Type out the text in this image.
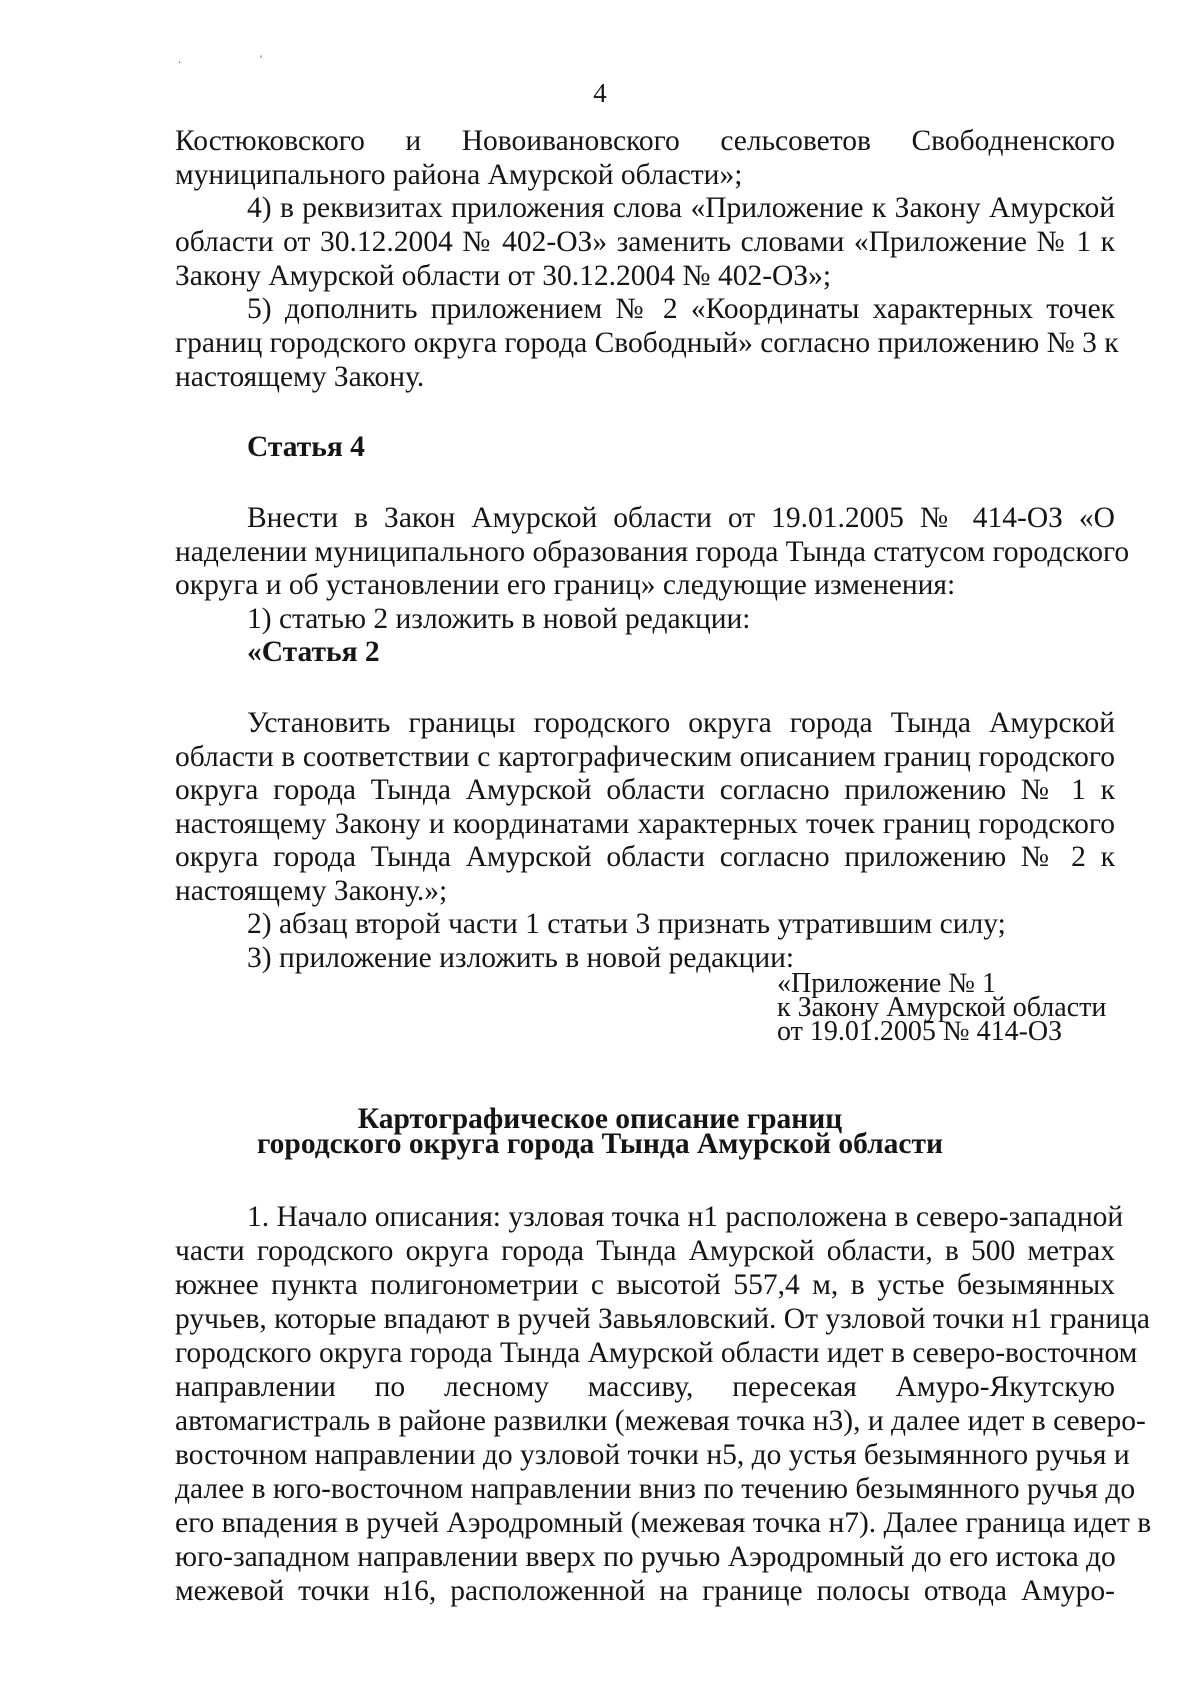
. '
4
Костюковского и Новоивановского сельсоветов Свободненского
муниципального района Амурской области»;
4) в реквизитах приложения слова «Приложение к Закону Амурской
области от 30.12.2004 № 402-ОЗ» заменить словами «Приложение № 1 к
Закону Амурской области от 30.12.2004 № 402-ОЗ»;
5) дополнить приложением № 2 «Координаты характерных точек
границ городского округа города Свободный» согласно приложению № 3 к
настоящему Закону.
Статья 4
Внести в Закон Амурской области от 19.01.2005 № 414-ОЗ «О
наделении муниципального образования города Тында статусом городского
округа и об установлении его границ» следующие изменения:
1) статью 2 изложить в новой редакции:
«Статья 2
Установить границы городского округа города Тында Амурской
области в соответствии с картографическим описанием границ городского
округа города Тында Амурской области согласно приложению № 1 к
настоящему Закону и координатами характерных точек границ городского
округа города Тында Амурской области согласно приложению № 2 к
настоящему Закону.»;
2) абзац второй части 1 статьи 3 признать утратившим силу;
3) приложение изложить в новой редакции:
«Приложение № 1
к Закону Амурской области
от 19.01.2005 № 414-ОЗ
Картографическое описание границ
городского округа города Тында Амурской области
1. Начало описания: узловая точка н1 расположена в северо-западной
части городского округа города Тында Амурской области, в 500 метрах
южнее пункта полигонометрии с высотой 557,4 м, в устье безымянных
ручьев, которые впадают в ручей Завьяловский. От узловой точки н1 граница
городского округа города Тында Амурской области идет в северо-восточном
направлении по лесному массиву, пересекая Амуро-Якутскую
автомагистраль в районе развилки (межевая точка н3), и далее идет в северо-
восточном направлении до узловой точки н5, до устья безымянного ручья и
далее в юго-восточном направлении вниз по течению безымянного ручья до
его впадения в ручей Аэродромный (межевая точка н7). Далее граница идет в
юго-западном направлении вверх по ручью Аэродромный до его истока до
межевой точки н16, расположенной на границе полосы отвода Амуро-
